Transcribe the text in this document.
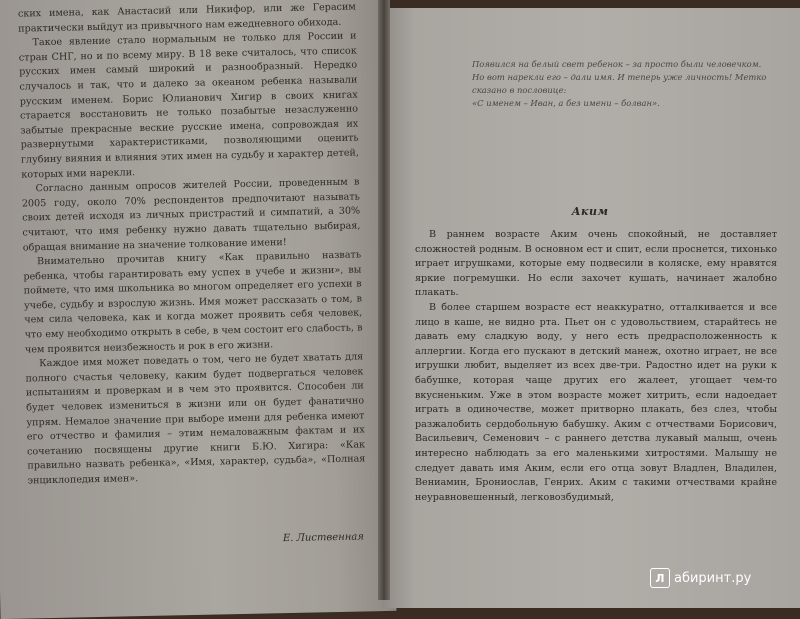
ских имена, как Анастасий или Никифор, или же Герасим практически выйдут из привычного нам ежедневного обихода.

Такое явление стало нормальным не только для России и стран СНГ, но и по всему миру. В 18 веке считалось, что список русских имен самый широкий и разнообразный. Нередко случалось и так, что и далеко за океаном ребенка называли русским именем. Борис Юлианович Хигир в своих книгах старается восстановить не только позабытые незаслуженно забытые прекрасные веские русские имена, сопровождая их развернутыми характеристиками, позволяющими оценить глубину вияния и влияния этих имен на судьбу и характер детей, которых ими нарекли.

Согласно данным опросов жителей России, проведенным в 2005 году, около 70% респондентов предпочитают называть своих детей исходя из личных пристрастий и симпатий, а 30% считают, что имя ребенку нужно давать тщательно выбирая, обращая внимание на значение толкование имени!

Внимательно прочитав книгу «Как правильно назвать ребенка, чтобы гарантировать ему успех в учебе и жизни», вы поймете, что имя школьника во многом определяет его успехи в учебе, судьбу и взрослую жизнь. Имя может рассказать о том, в чем сила человека, как и когда может проявить себя человек, что ему необходимо открыть в себе, в чем состоит его слабость, в чем проявится неизбежность и рок в его жизни.

Каждое имя может поведать о том, чего не будет хватать для полного счастья человеку, каким будет подвергаться человек испытаниям и проверкам и в чем это проявится. Способен ли будет человек измениться в жизни или он будет фанатично упрям. Немалое значение при выборе имени для ребенка имеют его отчество и фамилия – этим немаловажным фактам и их сочетанию посвящены другие книги Б.Ю. Хигира: «Как правильно назвать ребенка», «Имя, характер, судьба», «Полная энциклопедия имен».

Е. Лиственная

Появился на белый свет ребенок – за просто были человечком. Но вот нарекли его – дали имя. И теперь уже личность! Метко сказано в пословице:

«С именем – Иван, а без имени – болван».

Аким

В раннем возрасте Аким очень спокойный, не доставляет сложностей родным. В основном ест и спит, если проснется, тихонько играет игрушками, которые ему подвесили в коляске, ему нравятся яркие погремушки. Но если захочет кушать, начинает жалобно плакать.

В более старшем возрасте ест неаккуратно, отталкивается и все лицо в каше, не видно рта. Пьет он с удовольствием, старайтесь не давать ему сладкую воду, у него есть предрасположенность к аллергии. Когда его пускают в детский манеж, охотно играет, не все игрушки любит, выделяет из всех две-три. Радостно идет на руки к бабушке, которая чаще других его жалеет, угощает чем-то вкусненьким. Уже в этом возрасте может хитрить, если надоедает играть в одиночестве, может притворно плакать, без слез, чтобы разжалобить сердобольную бабушку. Аким с отчествами Борисович, Васильевич, Семенович – с раннего детства лукавый малыш, очень интересно наблюдать за его маленькими хитростями. Малышу не следует давать имя Аким, если его отца зовут Владлен, Владилен, Вениамин, Брониослав, Генрих. Аким с такими отчествами крайне неуравновешенный, легковозбудимый,

Л абиринт.ру
